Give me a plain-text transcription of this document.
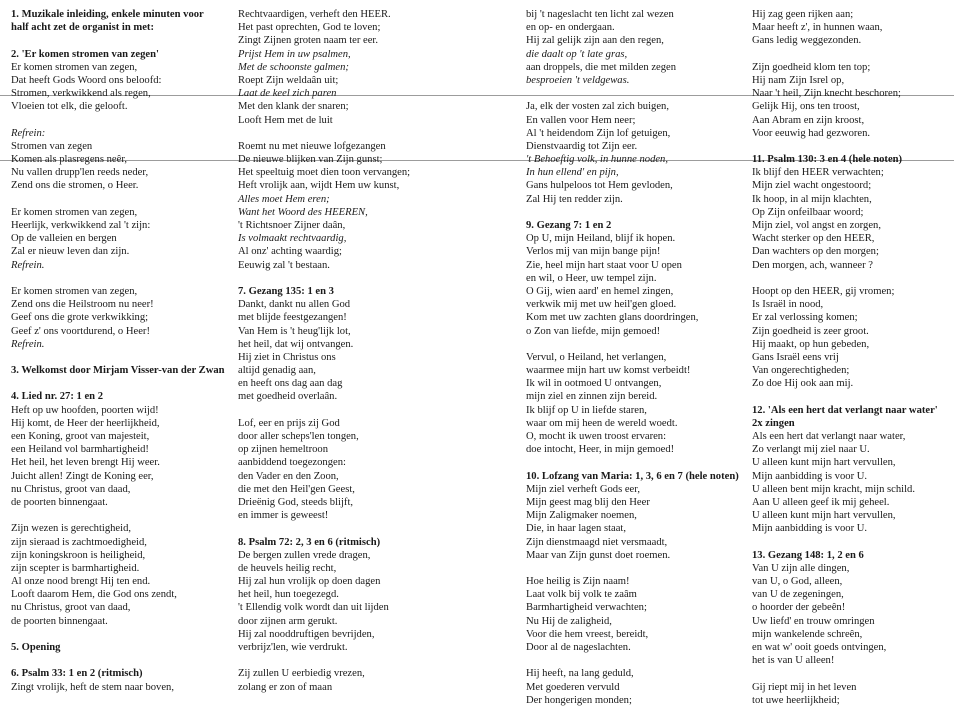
1. Muzikale inleiding, enkele minuten voor
half acht zet de organist in met:
2. 'Er komen stromen van zegen'
Er komen stromen van zegen,
Dat heeft Gods Woord ons beloofd:
Stromen, verkwikkend als regen,
Vloeien tot elk, die gelooft.
Refrein:
Stromen van zegen
Komen als plasregens neêr,
Nu vallen drupp'len reeds neder,
Zend ons die stromen, o Heer.
Er komen stromen van zegen,
Heerlijk, verkwikkend zal 't zijn:
Op de valleien en bergen
Zal er nieuw leven dan zijn.
Refrein.
Er komen stromen van zegen,
Zend ons die Heilstroom nu neer!
Geef ons die grote verkwikking;
Geef z' ons voortdurend, o Heer!
Refrein.
3. Welkomst door Mirjam Visser-van der Zwan
4. Lied nr. 27: 1 en 2
Heft op uw hoofden, poorten wijd!
Hij komt, de Heer der heerlijkheid,
een Koning, groot van majesteit,
een Heiland vol barmhartigheid!
Het heil, het leven brengt Hij weer.
Juicht allen! Zingt de Koning eer,
nu Christus, groot van daad,
de poorten binnengaat.
Zijn wezen is gerechtigheid,
zijn sieraad is zachtmoedigheid,
zijn koningskroon is heiligheid,
zijn scepter is barmhartigheid.
Al onze nood brengt Hij ten end.
Looft daarom Hem, die God ons zendt,
nu Christus, groot van daad,
de poorten binnengaat.
5. Opening
6. Psalm 33: 1 en 2 (ritmisch)
Zingt vrolijk, heft de stem naar boven,
Rechtvaardigen, verheft den HEER.
Het past oprechten, God te loven;
Zingt Zijnen groten naam ter eer.
Prijst Hem in uw psalmen,
Met de schoonste galmen;
Roept Zijn weldaân uit;
Laat de keel zich paren
Met den klank der snaren;
Looft Hem met de luit
Roemt nu met nieuwe lofgezangen
De nieuwe blijken van Zijn gunst;
Het speeltuig moet dien toon vervangen;
Heft vrolijk aan, wijdt Hem uw kunst,
Alles moet Hem eren;
Want het Woord des HEEREN,
't Richtsnoer Zijner daân,
Is volmaakt rechtvaardig,
Al onz' achting waardig;
Eeuwig zal 't bestaan.
7. Gezang 135: 1 en 3
Dankt, dankt nu allen God
met blijde feestgezangen!
Van Hem is 't heug'lijk lot,
het heil, dat wij ontvangen.
Hij ziet in Christus ons
altijd genadig aan,
en heeft ons dag aan dag
met goedheid overlaân.
Lof, eer en prijs zij God
door aller scheps'len tongen,
op zijnen hemeltroon
aanbiddend toegezongen:
den Vader en den Zoon,
die met den Heil'gen Geest,
Drieënig God, steeds blijft,
en immer is geweest!
8. Psalm 72: 2, 3 en 6 (ritmisch)
De bergen zullen vrede dragen,
de heuvels heilig recht,
Hij zal hun vrolijk op doen dagen
het heil, hun toegezegd.
't Ellendig volk wordt dan uit lijden
door zijnen arm gerukt.
Hij zal nooddruftigen bevrijden,
verbrijz'len, wie verdrukt.
Zij zullen U eerbiedig vrezen,
zolang er zon of maan
bij 't nageslacht ten licht zal wezen
en op- en ondergaan.
Hij zal gelijk zijn aan den regen,
die daalt op 't late gras,
aan droppels, die met milden zegen
besproeien 't veldgewas.
Ja, elk der vosten zal zich buigen,
En vallen voor Hem neer;
Al 't heidendom Zijn lof getuigen,
Dienstvaardig tot Zijn eer.
't Behoeftig volk, in hunne noden,
In hun ellend' en pijn,
Gans hulpeloos tot Hem gevloden,
Zal Hij ten redder zijn.
9. Gezang 7: 1 en 2
Op U, mijn Heiland, blijf ik hopen.
Verlos mij van mijn bange pijn!
Zie, heel mijn hart staat voor U open
en wil, o Heer, uw tempel zijn.
O Gij, wien aard' en hemel zingen,
verkwik mij met uw heil'gen gloed.
Kom met uw zachten glans doordringen,
o Zon van liefde, mijn gemoed!
Vervul, o Heiland, het verlangen,
waarmee mijn hart uw komst verbeidt!
Ik wil in ootmoed U ontvangen,
mijn ziel en zinnen zijn bereid.
Ik blijf op U in liefde staren,
waar om mij heen de wereld woedt.
O, mocht ik uwen troost ervaren:
doe intocht, Heer, in mijn gemoed!
10. Lofzang van Maria: 1, 3, 6 en 7 (hele noten)
Mijn ziel verheft Gods eer,
Mijn geest mag blij den Heer
Mijn Zaligmaker noemen,
Die, in haar lagen staat,
Zijn dienstmaagd niet versmaadt,
Maar van Zijn gunst doet roemen.
Hoe heilig is Zijn naam!
Laat volk bij volk te zaâm
Barmhartigheid verwachten;
Nu Hij de zaligheid,
Voor die hem vreest, bereidt,
Door al de nageslachten.
Hij heeft, na lang geduld,
Met goederen vervuld
Der hongerigen monden;
Hij zag geen rijken aan;
Maar heeft z', in hunnen waan,
Gans ledig weggezonden.
Zijn goedheid klom ten top;
Hij nam Zijn Isrel op,
Naar 't heil, Zijn knecht beschoren;
Gelijk Hij, ons ten troost,
Aan Abram en zijn kroost,
Voor eeuwig had gezworen.
11. Psalm 130: 3 en 4 (hele noten)
Ik blijf den HEER verwachten;
Mijn ziel wacht ongestoord;
Ik hoop, in al mijn klachten,
Op Zijn onfeilbaar woord;
Mijn ziel, vol angst en zorgen,
Wacht sterker op den HEER,
Dan wachters op den morgen;
Den morgen, ach, wanneer ?
Hoopt op den HEER, gij vromen;
Is Israël in nood,
Er zal verlossing komen;
Zijn goedheid is zeer groot.
Hij maakt, op hun gebeden,
Gans Israël eens vrij
Van ongerechtigheden;
Zo doe Hij ook aan mij.
12. 'Als een hert dat verlangt naar water'
2x zingen
Als een hert dat verlangt naar water,
Zo verlangt mij ziel naar U.
U alleen kunt mijn hart vervullen,
Mijn aanbidding is voor U.
U alleen bent mijn kracht, mijn schild.
Aan U alleen geef ik mij geheel.
U alleen kunt mijn hart vervullen,
Mijn aanbidding is voor U.
13. Gezang 148: 1, 2 en 6
Van U zijn alle dingen,
van U, o God, alleen,
van U de zegeningen,
o hoorder der gebeên!
Uw liefd' en trouw omringen
mijn wankelende schreên,
en wat w' ooit goeds ontvingen,
het is van U alleen!
Gij riept mij in het leven
tot uwe heerlijkheid;
